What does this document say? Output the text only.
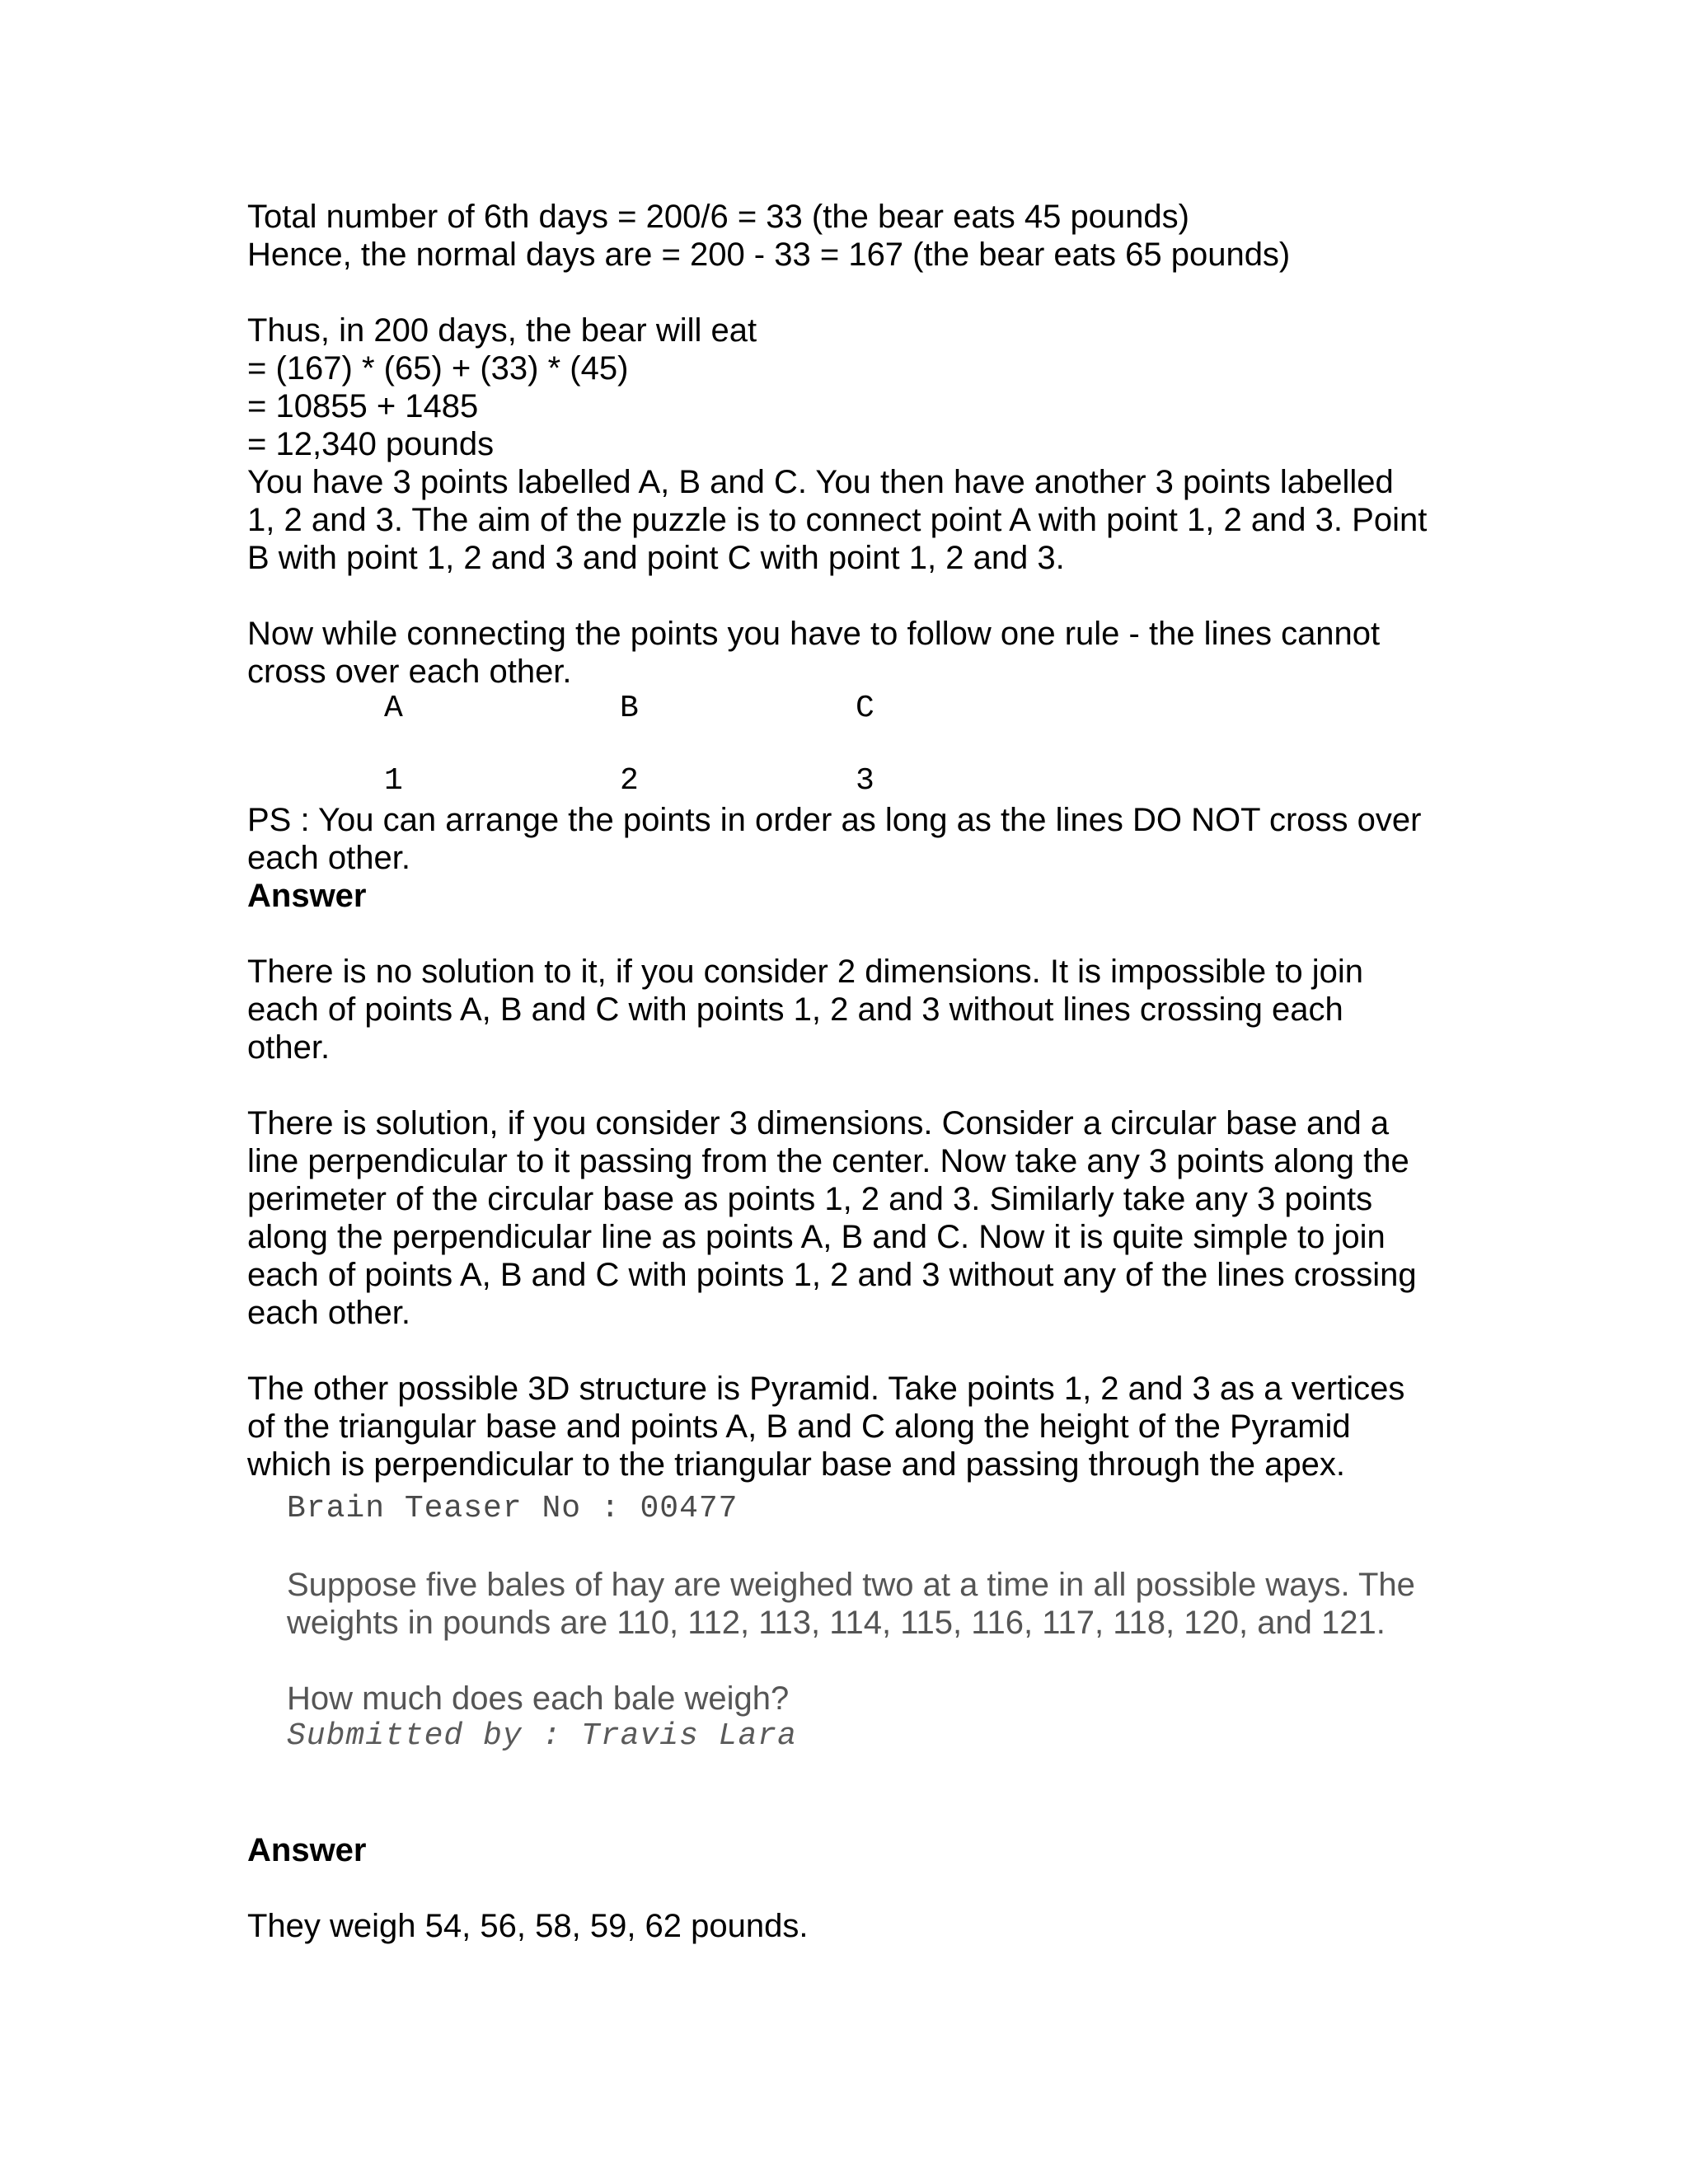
Total number of 6th days = 200/6 = 33 (the bear eats 45 pounds)
Hence, the normal days are = 200 - 33 = 167 (the bear eats 65 pounds)
Thus, in 200 days, the bear will eat
= (167) * (65) + (33) * (45)
= 10855 + 1485
= 12,340 pounds
You have 3 points labelled A, B and C. You then have another 3 points labelled
1, 2 and 3. The aim of the puzzle is to connect point A with point 1, 2 and 3. Point
B with point 1, 2 and 3 and point C with point 1, 2 and 3.
Now while connecting the points you have to follow one rule - the lines cannot
cross over each other.
A	B	C
1	2	3
PS : You can arrange the points in order as long as the lines DO NOT cross over
each other.
Answer
There is no solution to it, if you consider 2 dimensions. It is impossible to join
each of points A, B and C with points 1, 2 and 3 without lines crossing each
other.
There is solution, if you consider 3 dimensions. Consider a circular base and a
line perpendicular to it passing from the center. Now take any 3 points along the
perimeter of the circular base as points 1, 2 and 3. Similarly take any 3 points
along the perpendicular line as points A, B and C. Now it is quite simple to join
each of points A, B and C with points 1, 2 and 3 without any of the lines crossing
each other.
The other possible 3D structure is Pyramid. Take points 1, 2 and 3 as a vertices
of the triangular base and points A, B and C along the height of the Pyramid
which is perpendicular to the triangular base and passing through the apex.
Brain Teaser No : 00477
Suppose five bales of hay are weighed two at a time in all possible ways. The
weights in pounds are 110, 112, 113, 114, 115, 116, 117, 118, 120, and 121.
How much does each bale weigh?
Submitted by : Travis Lara
Answer
They weigh 54, 56, 58, 59, 62 pounds.
